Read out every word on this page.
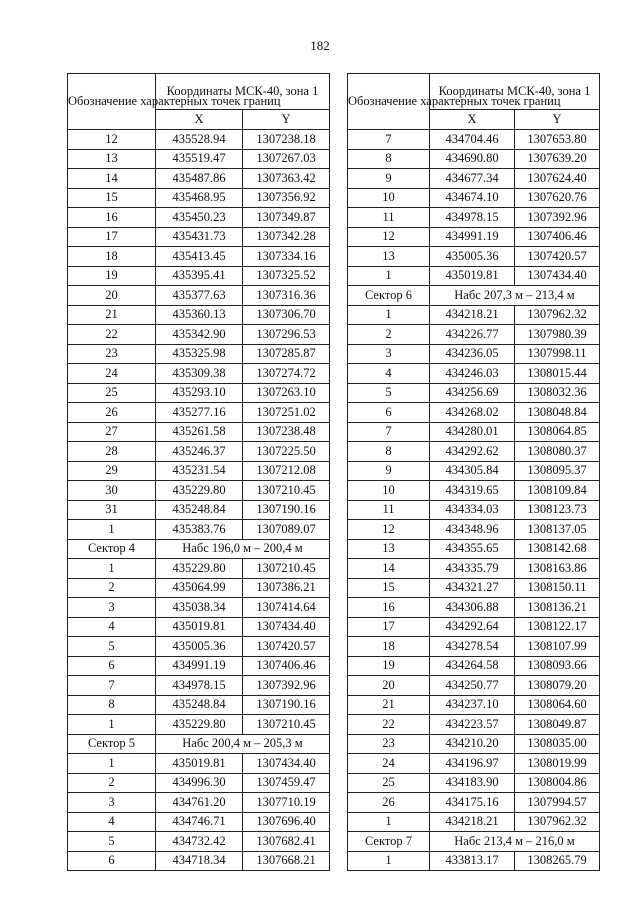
182
Обозначение характерных точек границ	Координаты МСК-40, зона 1	
	X	Y
12	435528.94	1307238.18
13	435519.47	1307267.03
14	435487.86	1307363.42
15	435468.95	1307356.92
16	435450.23	1307349.87
17	435431.73	1307342.28
18	435413.45	1307334.16
19	435395.41	1307325.52
20	435377.63	1307316.36
21	435360.13	1307306.70
22	435342.90	1307296.53
23	435325.98	1307285.87
24	435309.38	1307274.72
25	435293.10	1307263.10
26	435277.16	1307251.02
27	435261.58	1307238.48
28	435246.37	1307225.50
29	435231.54	1307212.08
30	435229.80	1307210.45
31	435248.84	1307190.16
1	435383.76	1307089.07
Сектор 4	Набс 196,0 м – 200,4 м	
1	435229.80	1307210.45
2	435064.99	1307386.21
3	435038.34	1307414.64
4	435019.81	1307434.40
5	435005.36	1307420.57
6	434991.19	1307406.46
7	434978.15	1307392.96
8	435248.84	1307190.16
1	435229.80	1307210.45
Сектор 5	Набс 200,4 м – 205,3 м	
1	435019.81	1307434.40
2	434996.30	1307459.47
3	434761.20	1307710.19
4	434746.71	1307696.40
5	434732.42	1307682.41
6	434718.34	1307668.21
Обозначение характерных точек границ	Координаты МСК-40, зона 1	
	X	Y
7	434704.46	1307653.80
8	434690.80	1307639.20
9	434677.34	1307624.40
10	434674.10	1307620.76
11	434978.15	1307392.96
12	434991.19	1307406.46
13	435005.36	1307420.57
1	435019.81	1307434.40
Сектор 6	Набс 207,3 м – 213,4 м	
1	434218.21	1307962.32
2	434226.77	1307980.39
3	434236.05	1307998.11
4	434246.03	1308015.44
5	434256.69	1308032.36
6	434268.02	1308048.84
7	434280.01	1308064.85
8	434292.62	1308080.37
9	434305.84	1308095.37
10	434319.65	1308109.84
11	434334.03	1308123.73
12	434348.96	1308137.05
13	434355.65	1308142.68
14	434335.79	1308163.86
15	434321.27	1308150.11
16	434306.88	1308136.21
17	434292.64	1308122.17
18	434278.54	1308107.99
19	434264.58	1308093.66
20	434250.77	1308079.20
21	434237.10	1308064.60
22	434223.57	1308049.87
23	434210.20	1308035.00
24	434196.97	1308019.99
25	434183.90	1308004.86
26	434175.16	1307994.57
1	434218.21	1307962.32
Сектор 7	Набс 213,4 м – 216,0 м	
1	433813.17	1308265.79
